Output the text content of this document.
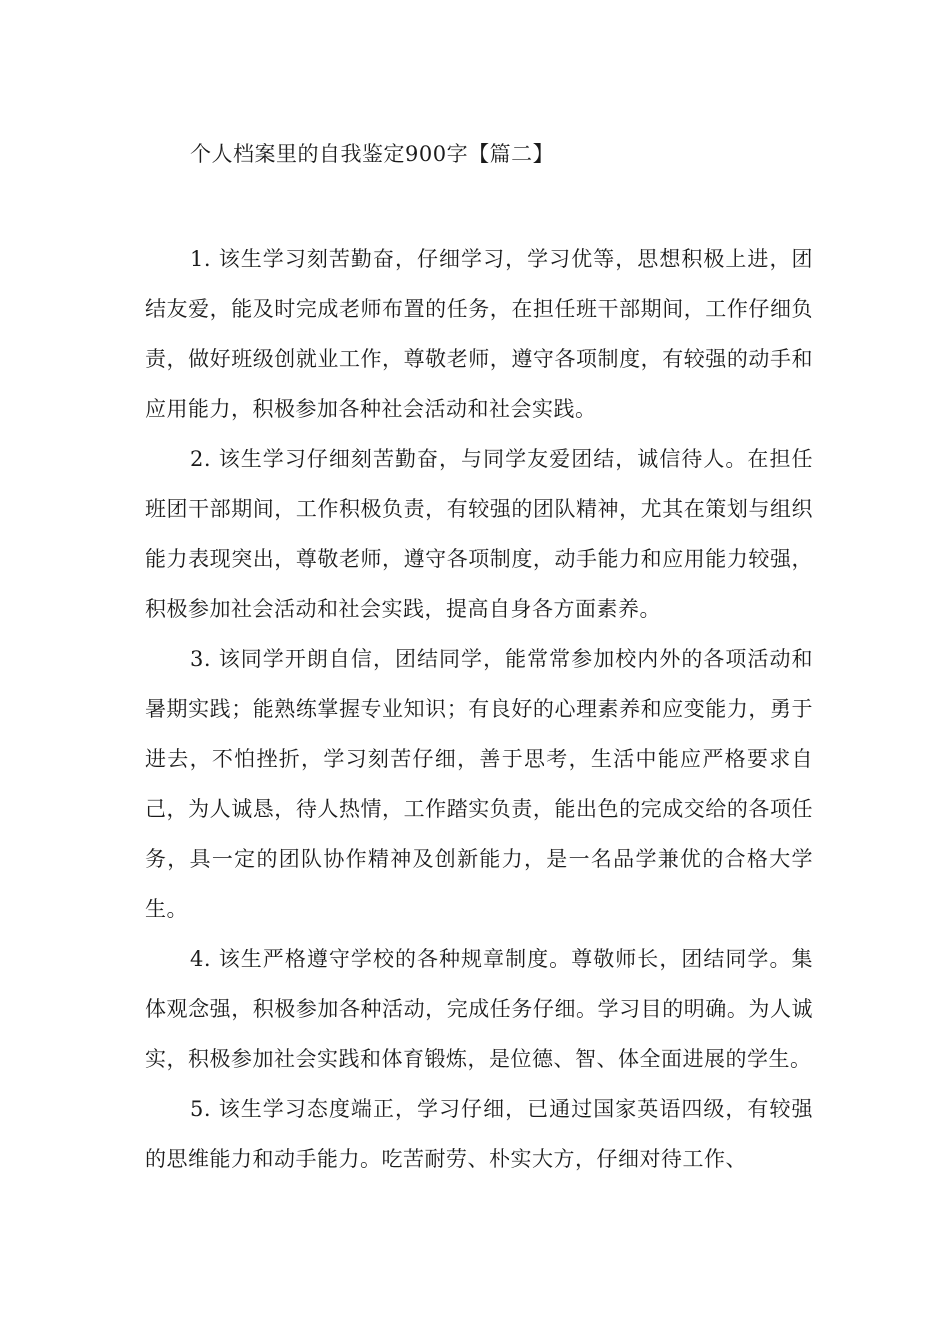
个人档案里的自我鉴定900字【篇二】

1. 该生学习刻苦勤奋，仔细学习，学习优等，思想积极上进，团结友爱，能及时完成老师布置的任务，在担任班干部期间，工作仔细负责，做好班级创就业工作，尊敬老师，遵守各项制度，有较强的动手和应用能力，积极参加各种社会活动和社会实践。

2. 该生学习仔细刻苦勤奋，与同学友爱团结，诚信待人。在担任班团干部期间，工作积极负责，有较强的团队精神，尤其在策划与组织能力表现突出，尊敬老师，遵守各项制度，动手能力和应用能力较强，积极参加社会活动和社会实践，提高自身各方面素养。

3. 该同学开朗自信，团结同学，能常常参加校内外的各项活动和暑期实践；能熟练掌握专业知识；有良好的心理素养和应变能力，勇于进去，不怕挫折，学习刻苦仔细，善于思考，生活中能应严格要求自己，为人诚恳，待人热情，工作踏实负责，能出色的完成交给的各项任务，具一定的团队协作精神及创新能力，是一名品学兼优的合格大学生。

4. 该生严格遵守学校的各种规章制度。尊敬师长，团结同学。集体观念强，积极参加各种活动，完成任务仔细。学习目的明确。为人诚实，积极参加社会实践和体育锻炼，是位德、智、体全面进展的学生。

5. 该生学习态度端正，学习仔细，已通过国家英语四级，有较强的思维能力和动手能力。吃苦耐劳、朴实大方，仔细对待工作、
